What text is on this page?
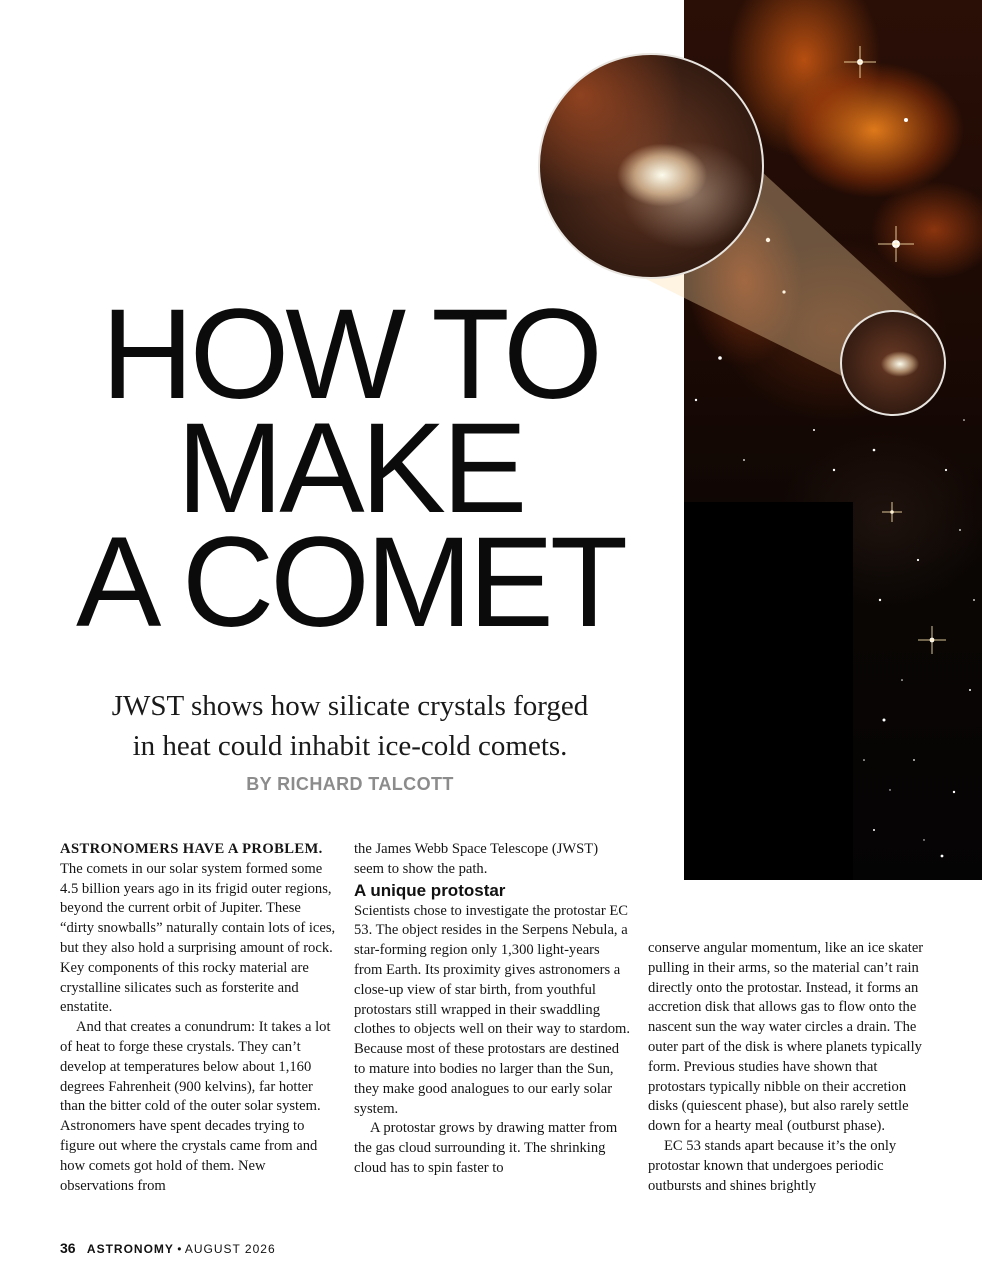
HOW TO
MAKE
A COMET
JWST shows how silicate crystals forged
in heat could inhabit ice-cold comets.
BY RICHARD TALCOTT

ASTRONOMERS HAVE A PROBLEM. The comets in our solar system formed some 4.5 billion years ago in its frigid outer regions, beyond the current orbit of Jupiter. These “dirty snowballs” naturally contain lots of ices, but they also hold a surprising amount of rock. Key components of this rocky material are crystalline silicates such as forsterite and enstatite.

And that creates a conundrum: It takes a lot of heat to forge these crystals. They can’t develop at temperatures below about 1,160 degrees Fahrenheit (900 kelvins), far hotter than the bitter cold of the outer solar system. Astronomers have spent decades trying to figure out where the crystals came from and how comets got hold of them. New observations from

the James Webb Space Telescope (JWST) seem to show the path.

A unique protostar

Scientists chose to investigate the protostar EC 53. The object resides in the Serpens Nebula, a star-forming region only 1,300 light-years from Earth. Its proximity gives astronomers a close-up view of star birth, from youthful protostars still wrapped in their swaddling clothes to objects well on their way to stardom. Because most of these protostars are destined to mature into bodies no larger than the Sun, they make good analogues to our early solar system.

A protostar grows by drawing matter from the gas cloud surrounding it. The shrinking cloud has to spin faster to

conserve angular momentum, like an ice skater pulling in their arms, so the material can’t rain directly onto the protostar. Instead, it forms an accretion disk that allows gas to flow onto the nascent sun the way water circles a drain. The outer part of the disk is where planets typically form. Previous studies have shown that protostars typically nibble on their accretion disks (quiescent phase), but also rarely settle down for a hearty meal (outburst phase).

EC 53 stands apart because it’s the only protostar known that undergoes periodic outbursts and shines brightly

36 ASTRONOMY • AUGUST 2026
